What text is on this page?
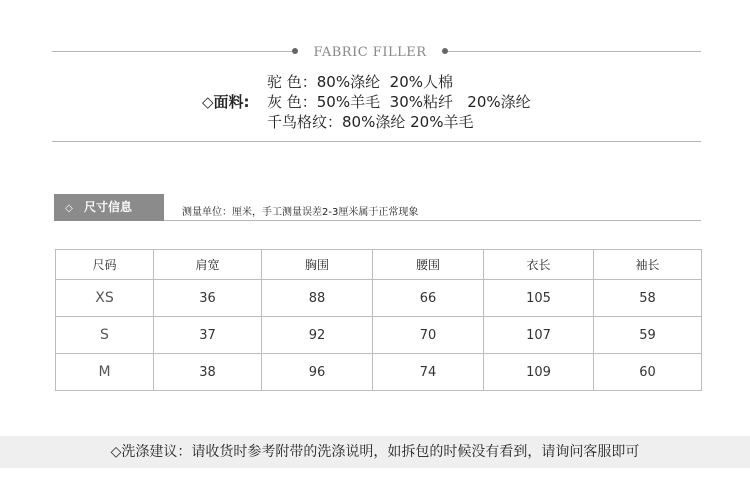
FABRIC FILLER
◇面料:
驼 色：80%涤纶  20%人棉
灰 色：50%羊毛  30%粘纤   20%涤纶
千鸟格纹：80%涤纶 20%羊毛
◇ 尺寸信息	测量单位：厘米，手工测量误差2-3厘米属于正常现象
尺码	肩宽	胸围	腰围	衣长	袖长
XS	36	88	66	105	58
S	37	92	70	107	59
M	38	96	74	109	60
◇洗涤建议：请收货时参考附带的洗涤说明，如拆包的时候没有看到，请询问客服即可
